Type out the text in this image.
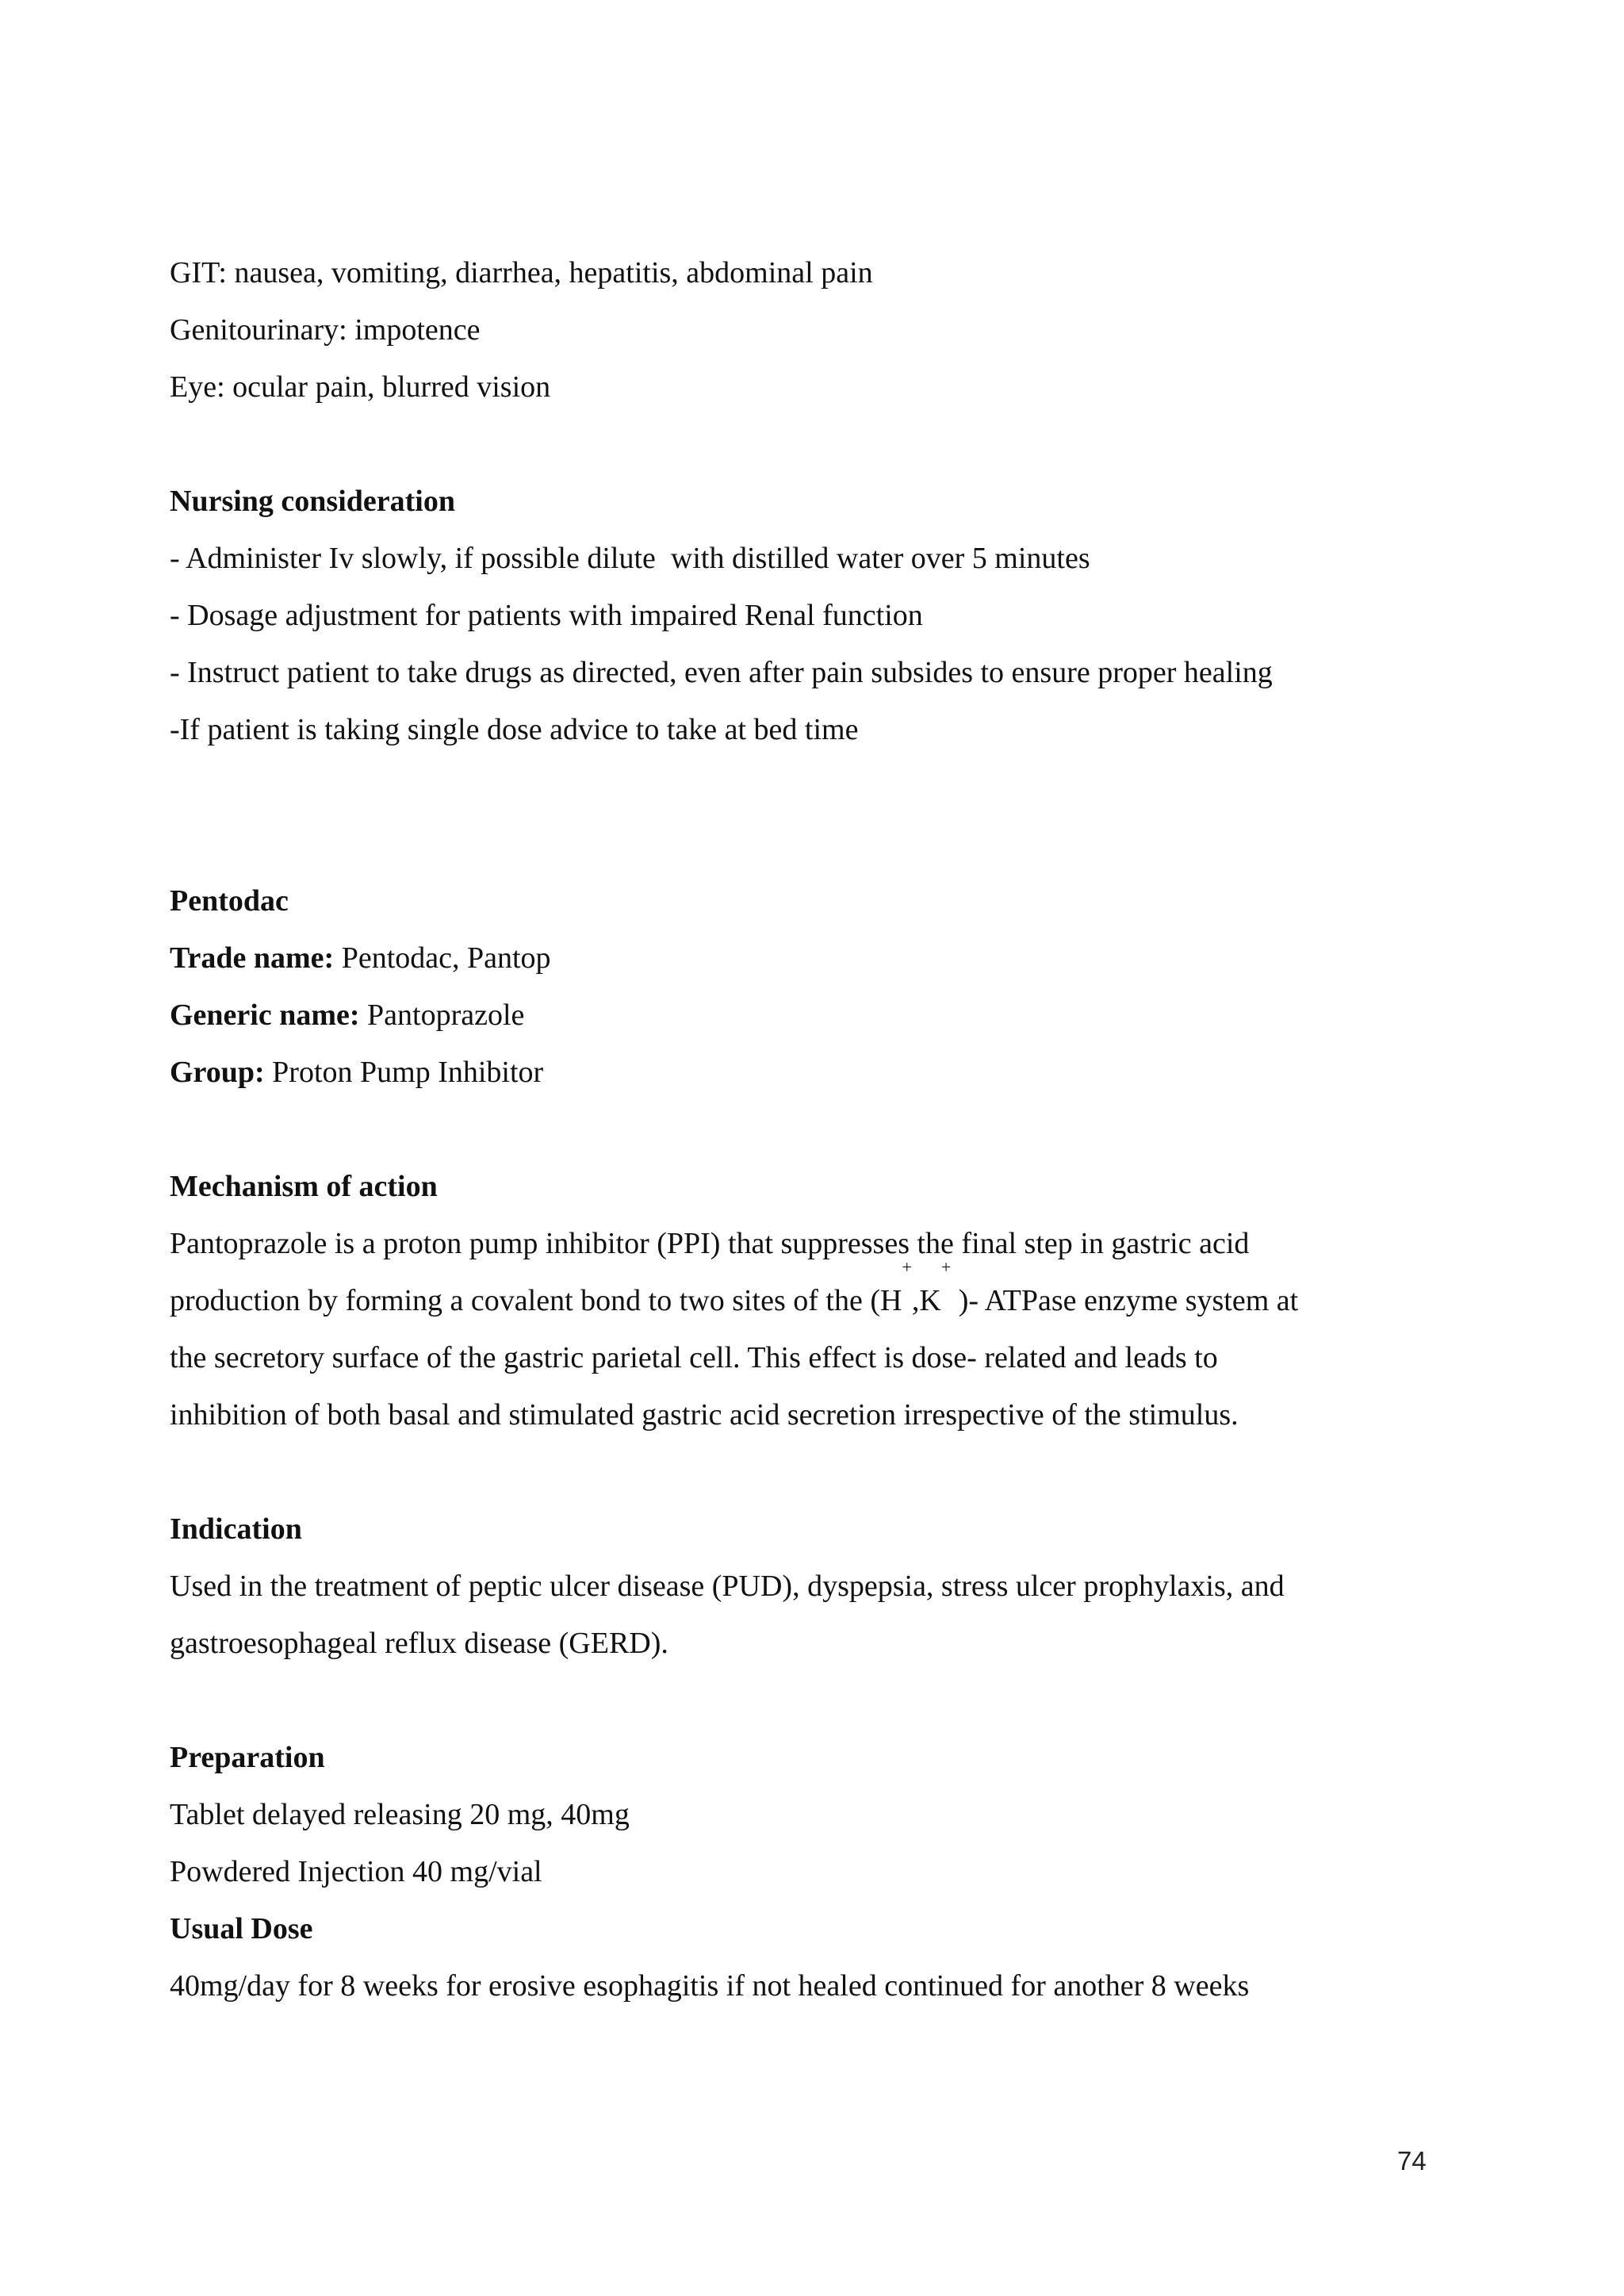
GIT: nausea, vomiting, diarrhea, hepatitis, abdominal pain
Genitourinary: impotence
Eye: ocular pain, blurred vision
Nursing consideration
- Administer Iv slowly, if possible dilute  with distilled water over 5 minutes
- Dosage adjustment for patients with impaired Renal function
- Instruct patient to take drugs as directed, even after pain subsides to ensure proper healing
-If patient is taking single dose advice to take at bed time
Pentodac
Trade name: Pentodac, Pantop
Generic name: Pantoprazole
Group: Proton Pump Inhibitor
Mechanism of action
Pantoprazole is a proton pump inhibitor (PPI) that suppresses the final step in gastric acid
production by forming a covalent bond to two sites of the (H+,K+ )- ATPase enzyme system at
the secretory surface of the gastric parietal cell. This effect is dose- related and leads to
inhibition of both basal and stimulated gastric acid secretion irrespective of the stimulus.
Indication
Used in the treatment of peptic ulcer disease (PUD), dyspepsia, stress ulcer prophylaxis, and
gastroesophageal reflux disease (GERD).
Preparation
Tablet delayed releasing 20 mg, 40mg
Powdered Injection 40 mg/vial
Usual Dose
40mg/day for 8 weeks for erosive esophagitis if not healed continued for another 8 weeks
74
